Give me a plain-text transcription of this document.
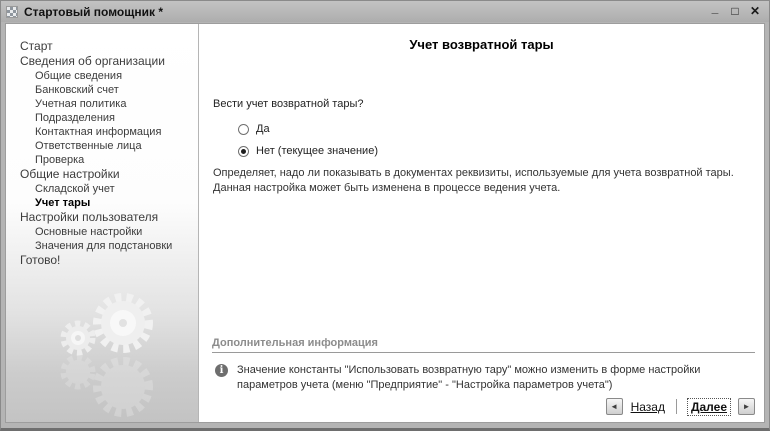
Стартовый помощник *	_	□ ✕
Старт
Сведения об организации
Общие сведения
Банковский счет
Учетная политика
Подразделения
Контактная информация
Ответственные лица
Проверка
Общие настройки
Складской учет
Учет тары
Настройки пользователя
Основные настройки
Значения для подстановки
Готово!
Учет возвратной тары
Вести учет возвратной тары?
Да
Нет (текущее значение)
Определяет, надо ли показывать в документах реквизиты, используемые для учета возвратной тары. Данная настройка может быть изменена в процессе ведения учета.
Дополнительная информация
i	Значение константы "Использовать возвратную тару" можно изменить в форме настройки параметров учета (меню "Предприятие" - "Настройка параметров учета")
◄	Назад Далее	►
